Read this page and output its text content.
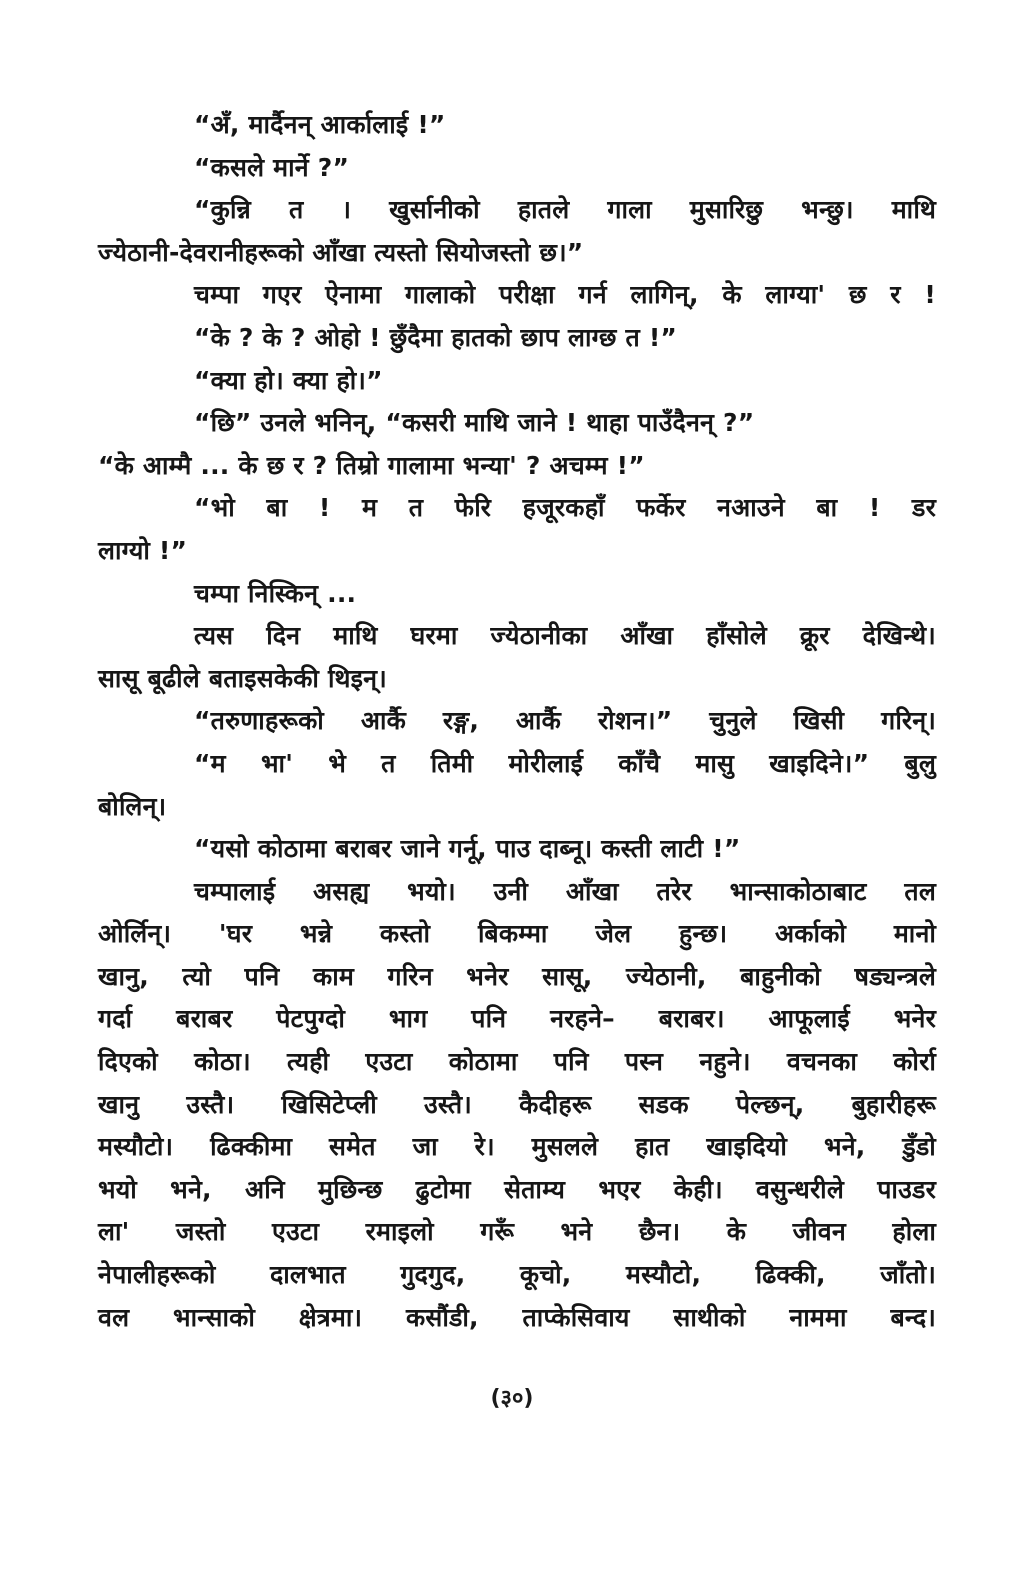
“अँ, मार्दैनन् आर्कालाई !”
“कसले मार्ने ?”
“कुन्नि त । खुर्सानीको हातले गाला मुसारिछु भन्छु। माथि
ज्येठानी-देवरानीहरूको आँखा त्यस्तो सियोजस्तो छ।”
चम्पा गएर ऐनामा गालाको परीक्षा गर्न लागिन्, के लाग्या' छ र !
“के ? के ? ओहो ! छुँदैमा हातको छाप लाग्छ त !”
“क्या हो। क्या हो।”
“छि” उनले भनिन्, “कसरी माथि जाने ! थाहा पाउँदैनन् ?”
“के आम्मै ... के छ र ? तिम्रो गालामा भन्या' ? अचम्म !”
“भो बा ! म त फेरि हजूरकहाँ फर्केर नआउने बा ! डर
लाग्यो !”
चम्पा निस्किन् ...
त्यस दिन माथि घरमा ज्येठानीका आँखा हाँसोले क्रूर देखिन्थे।
सासू बूढीले बताइसकेकी थिइन्।
“तरुणाहरूको आर्कै रङ्ग, आर्कै रोशन।” चुनुले खिसी गरिन्।
“म भा' भे त तिमी मोरीलाई काँचै मासु खाइदिने।” बुलु
बोलिन्।
“यसो कोठामा बराबर जाने गर्नू, पाउ दाब्नू। कस्ती लाटी !”
चम्पालाई असह्य भयो। उनी आँखा तरेर भान्साकोठाबाट तल
ओर्लिन्। 'घर भन्ने कस्तो बिकम्मा जेल हुन्छ। अर्काको मानो
खानु, त्यो पनि काम गरिन भनेर सासू, ज्येठानी, बाहुनीको षड्यन्त्रले
गर्दा बराबर पेटपुग्दो भाग पनि नरहने– बराबर। आफूलाई भनेर
दिएको कोठा। त्यही एउटा कोठामा पनि पस्न नहुने। वचनका कोर्रा
खानु उस्तै। खिसिटेप्ली उस्तै। कैदीहरू सडक पेल्छन्, बुहारीहरू
मस्यौटो। ढिक्कीमा समेत जा रे। मुसलले हात खाइदियो भने, डुँडो
भयो भने, अनि मुछिन्छ ढुटोमा सेताम्य भएर केही। वसुन्धरीले पाउडर
ला' जस्तो एउटा रमाइलो गरूँ भने छैन। के जीवन होला
नेपालीहरूको दालभात गुदगुद, कूचो, मस्यौटो, ढिक्की, जाँतो।
वल भान्साको क्षेत्रमा। कसौंडी, ताप्केसिवाय साथीको नाममा बन्द।
(३०)
